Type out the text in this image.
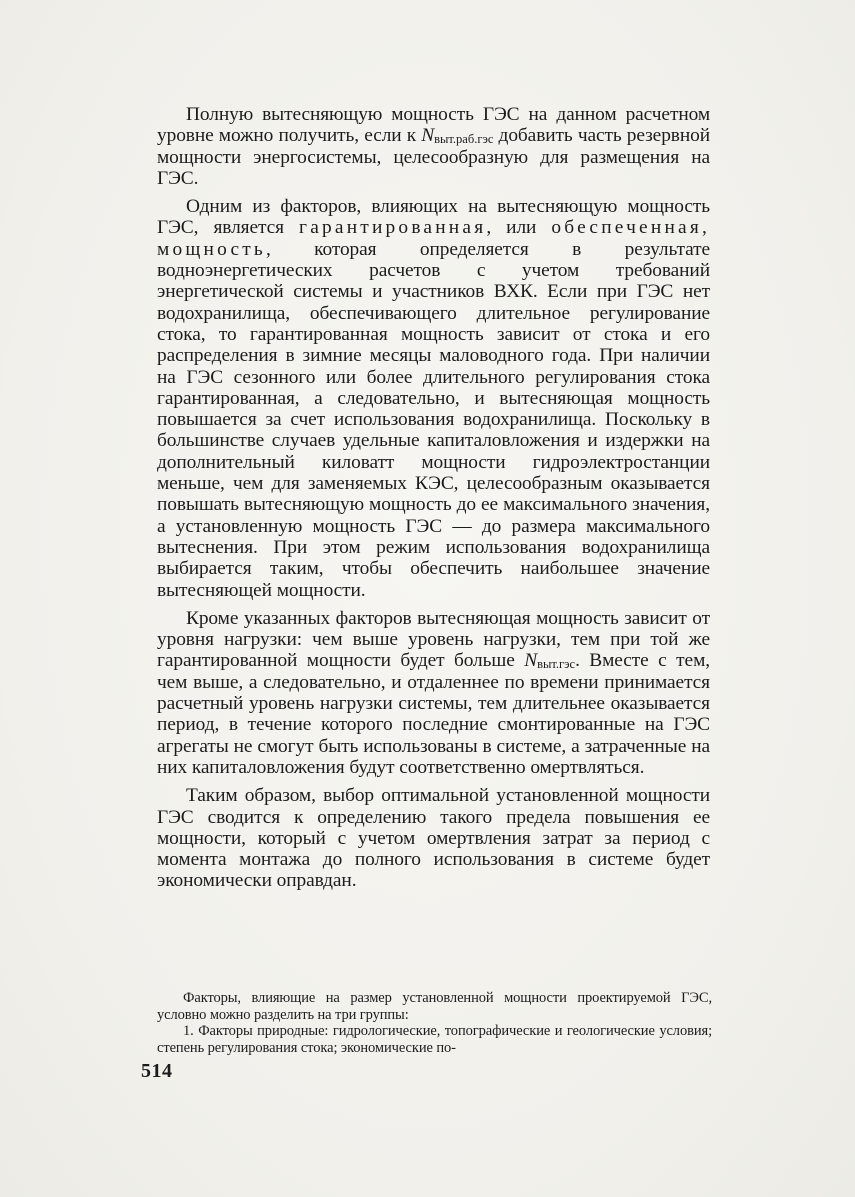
Полную вытесняющую мощность ГЭС на данном расчетном уровне можно получить, если к $N_{выт.раб.гэс}$ добавить часть резервной мощности энергосистемы, целесообразную для размещения на ГЭС.

Одним из факторов, влияющих на вытесняющую мощность ГЭС, является гарантированная, или обеспеченная, мощность, которая определяется в результате водноэнергетических расчетов с учетом требований энергетической системы и участников ВХК. Если при ГЭС нет водохранилища, обеспечивающего длительное регулирование стока, то гарантированная мощность зависит от стока и его распределения в зимние месяцы маловодного года. При наличии на ГЭС сезонного или более длительного регулирования стока гарантированная, а следовательно, и вытесняющая мощность повышается за счет использования водохранилища. Поскольку в большинстве случаев удельные капиталовложения и издержки на дополнительный киловатт мощности гидроэлектростанции меньше, чем для заменяемых КЭС, целесообразным оказывается повышать вытесняющую мощность до ее максимального значения, а установленную мощность ГЭС — до размера максимального вытеснения. При этом режим использования водохранилища выбирается таким, чтобы обеспечить наибольшее значение вытесняющей мощности.

Кроме указанных факторов вытесняющая мощность зависит от уровня нагрузки: чем выше уровень нагрузки, тем при той же гарантированной мощности будет больше $N_{выт.гэс}$. Вместе с тем, чем выше, а следовательно, и отдаленнее по времени принимается расчетный уровень нагрузки системы, тем длительнее оказывается период, в течение которого последние смонтированные на ГЭС агрегаты не смогут быть использованы в системе, а затраченные на них капиталовложения будут соответственно омертвляться.

Таким образом, выбор оптимальной установленной мощности ГЭС сводится к определению такого предела повышения ее мощности, который с учетом омертвления затрат за период с момента монтажа до полного использования в системе будет экономически оправдан.

Факторы, влияющие на размер установленной мощности проектируемой ГЭС, условно можно разделить на три группы:

1. Факторы природные: гидрологические, топографические и геологические условия; степень регулирования стока; экономические по-

514
